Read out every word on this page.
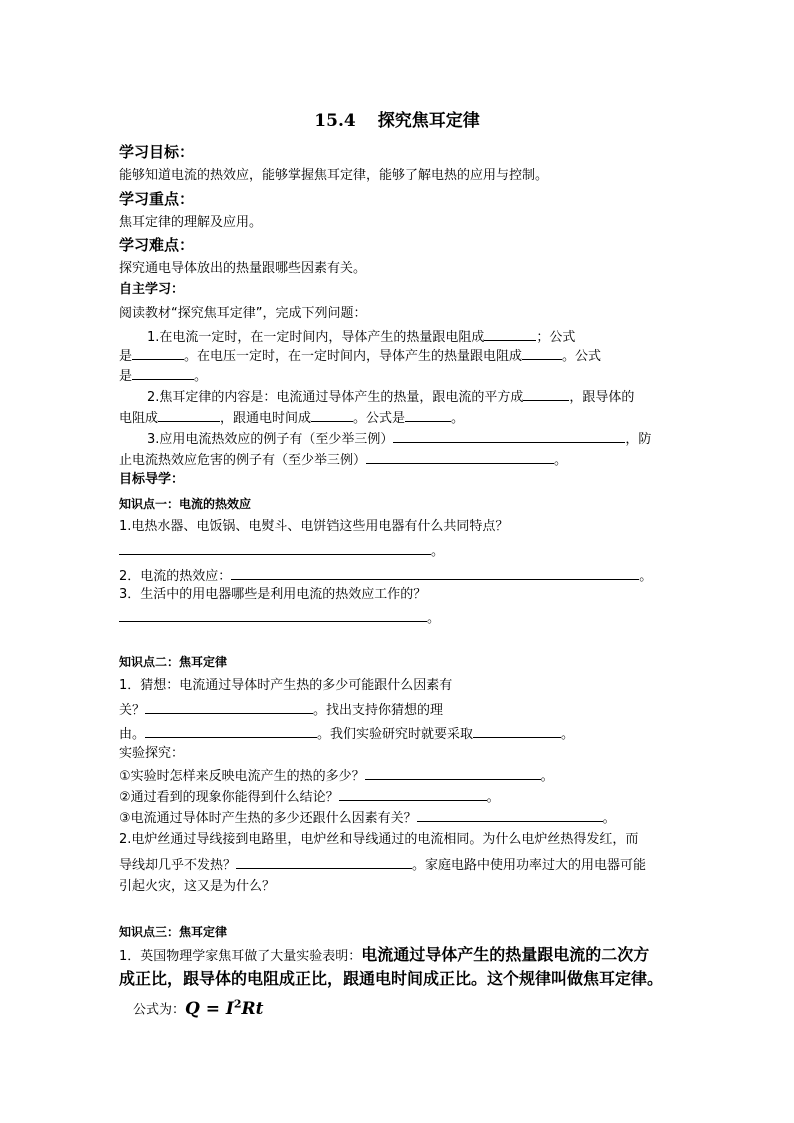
15.4 探究焦耳定律
学习目标：
能够知道电流的热效应，能够掌握焦耳定律，能够了解电热的应用与控制。
学习重点：
焦耳定律的理解及应用。
学习难点：
探究通电导体放出的热量跟哪些因素有关。
自主学习：
阅读教材“探究焦耳定律”，完成下列问题：
1.在电流一定时，在一定时间内，导体产生的热量跟电阻成	；公式
是	。在电压一定时，在一定时间内，导体产生的热量跟电阻成	。公式
是	。
2.焦耳定律的内容是：电流通过导体产生的热量，跟电流的平方成	，跟导体的
电阻成	，跟通电时间成	。公式是	。
3.应用电流热效应的例子有（至少举三例）	，防
止电流热效应危害的例子有（至少举三例）	。
目标导学：
知识点一：电流的热效应
1.电热水器、电饭锅、电熨斗、电饼铛这些用电器有什么共同特点？
。
2．电流的热效应：	。
3．生活中的用电器哪些是利用电流的热效应工作的？
。
知识点二：焦耳定律
1．猜想：电流通过导体时产生热的多少可能跟什么因素有
关？	。找出支持你猜想的理
由。	。我们实验研究时就要采取	。
实验探究：
①实验时怎样来反映电流产生的热的多少？	。
②通过看到的现象你能得到什么结论？	。
③电流通过导体时产生热的多少还跟什么因素有关？	。
2.电炉丝通过导线接到电路里，电炉丝和导线通过的电流相同。为什么电炉丝热得发红，而
导线却几乎不发热？	。家庭电路中使用功率过大的用电器可能
引起火灾，这又是为什么？
知识点三：焦耳定律
1．英国物理学家焦耳做了大量实验表明：电流通过导体产生的热量跟电流的二次方
成正比，跟导体的电阻成正比，跟通电时间成正比。这个规律叫做焦耳定律。
公式为：$Q = I^2Rt$
